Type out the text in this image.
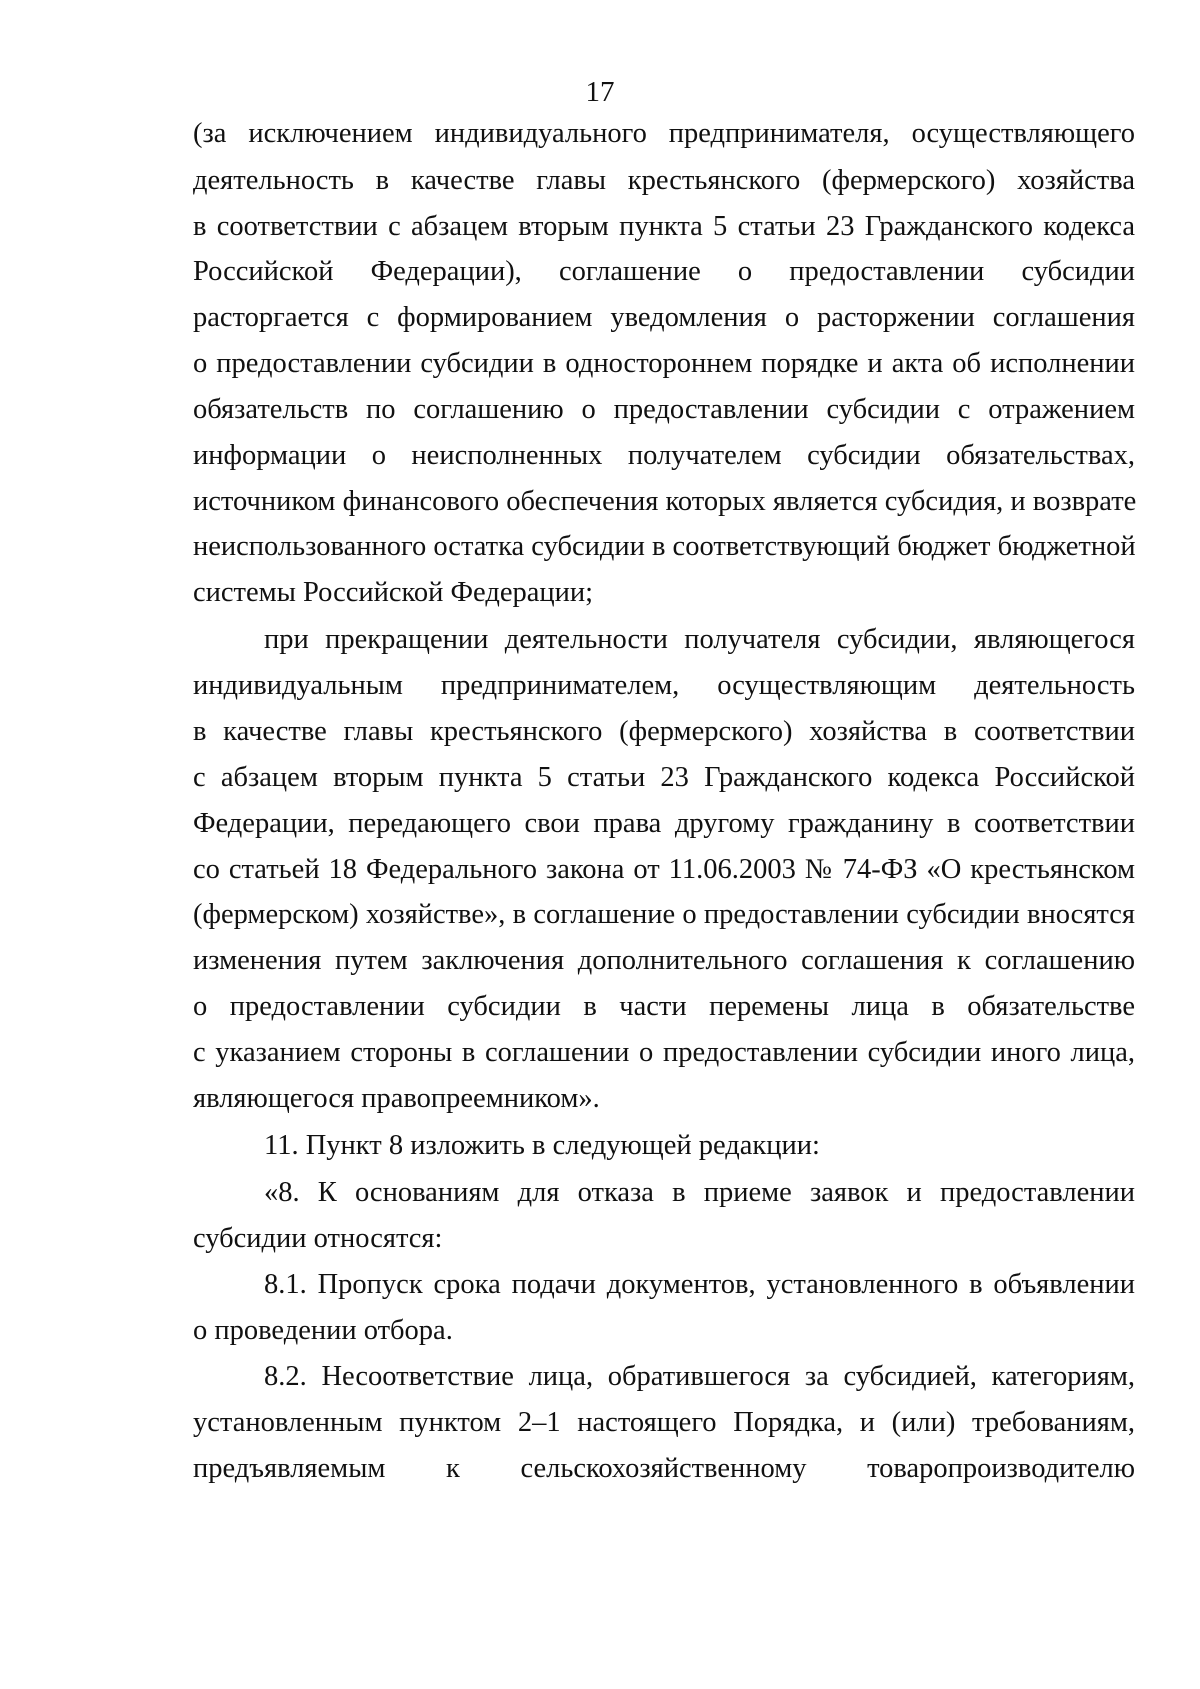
17
(за исключением индивидуального предпринимателя, осуществляющего
деятельность в качестве главы крестьянского (фермерского) хозяйства
в соответствии с абзацем вторым пункта 5 статьи 23 Гражданского кодекса
Российской Федерации), соглашение о предоставлении субсидии
расторгается с формированием уведомления о расторжении соглашения
о предоставлении субсидии в одностороннем порядке и акта об исполнении
обязательств по соглашению о предоставлении субсидии с отражением
информации о неисполненных получателем субсидии обязательствах,
источником финансового обеспечения которых является субсидия, и возврате
неиспользованного остатка субсидии в соответствующий бюджет бюджетной
системы Российской Федерации;
при прекращении деятельности получателя субсидии, являющегося
индивидуальным предпринимателем, осуществляющим деятельность
в качестве главы крестьянского (фермерского) хозяйства в соответствии
с абзацем вторым пункта 5 статьи 23 Гражданского кодекса Российской
Федерации, передающего свои права другому гражданину в соответствии
со статьей 18 Федерального закона от 11.06.2003 № 74-ФЗ «О крестьянском
(фермерском) хозяйстве», в соглашение о предоставлении субсидии вносятся
изменения путем заключения дополнительного соглашения к соглашению
о предоставлении субсидии в части перемены лица в обязательстве
с указанием стороны в соглашении о предоставлении субсидии иного лица,
являющегося правопреемником».
11. Пункт 8 изложить в следующей редакции:
«8. К основаниям для отказа в приеме заявок и предоставлении
субсидии относятся:
8.1. Пропуск срока подачи документов, установленного в объявлении
о проведении отбора.
8.2. Несоответствие лица, обратившегося за субсидией, категориям,
установленным пунктом 2–1 настоящего Порядка, и (или) требованиям,
предъявляемым к сельскохозяйственному товаропроизводителю
